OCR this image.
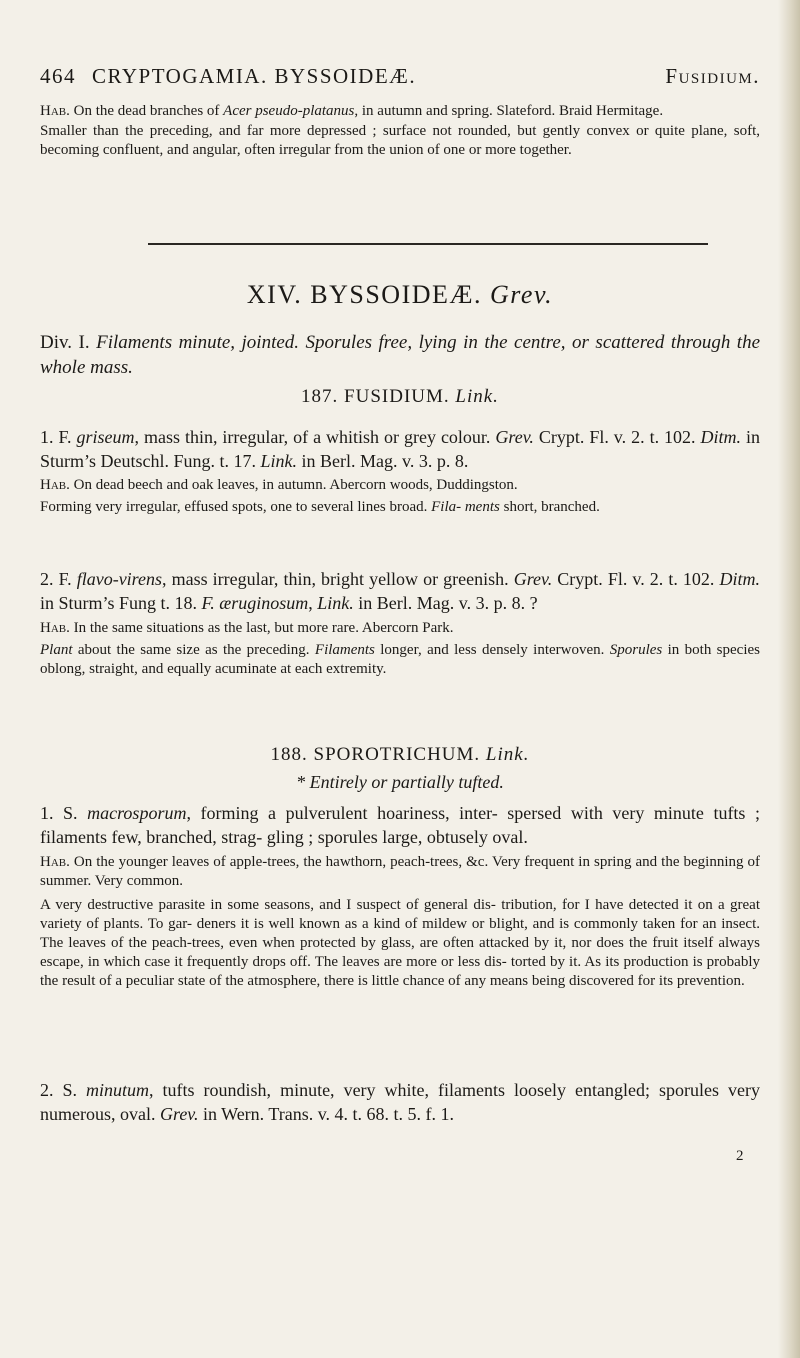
464 CRYPTOGAMIA. BYSSOIDEÆ.	Fusidium.

Hab. On the dead branches of Acer pseudo-platanus, in autumn and spring. Slateford. Braid Hermitage.

Smaller than the preceding, and far more depressed ; surface not rounded, but gently convex or quite plane, soft, becoming confluent, and angular, often irregular from the union of one or more together.

XIV. BYSSOIDEÆ. Grev.

Div. I. Filaments minute, jointed. Sporules free, lying in the centre, or scattered through the whole mass.

187. FUSIDIUM. Link.

1. F. griseum, mass thin, irregular, of a whitish or grey colour. Grev. Crypt. Fl. v. 2. t. 102. Ditm. in Sturm’s Deutschl. Fung. t. 17. Link. in Berl. Mag. v. 3. p. 8.

Hab. On dead beech and oak leaves, in autumn. Abercorn woods, Duddingston.

Forming very irregular, effused spots, one to several lines broad. Fila- ments short, branched.

2. F. flavo-virens, mass irregular, thin, bright yellow or greenish. Grev. Crypt. Fl. v. 2. t. 102. Ditm. in Sturm’s Fung t. 18. F. æruginosum, Link. in Berl. Mag. v. 3. p. 8. ?

Hab. In the same situations as the last, but more rare. Abercorn Park.

Plant about the same size as the preceding. Filaments longer, and less densely interwoven. Sporules in both species oblong, straight, and equally acuminate at each extremity.

188. SPOROTRICHUM. Link.
* Entirely or partially tufted.

1. S. macrosporum, forming a pulverulent hoariness, inter- spersed with very minute tufts ; filaments few, branched, strag- gling ; sporules large, obtusely oval.

Hab. On the younger leaves of apple-trees, the hawthorn, peach-trees, &c. Very frequent in spring and the beginning of summer. Very common.

A very destructive parasite in some seasons, and I suspect of general dis- tribution, for I have detected it on a great variety of plants. To gar- deners it is well known as a kind of mildew or blight, and is commonly taken for an insect. The leaves of the peach-trees, even when protected by glass, are often attacked by it, nor does the fruit itself always escape, in which case it frequently drops off. The leaves are more or less dis- torted by it. As its production is probably the result of a peculiar state of the atmosphere, there is little chance of any means being discovered for its prevention.

2. S. minutum, tufts roundish, minute, very white, filaments loosely entangled; sporules very numerous, oval. Grev. in Wern. Trans. v. 4. t. 68. t. 5. f. 1.

2
